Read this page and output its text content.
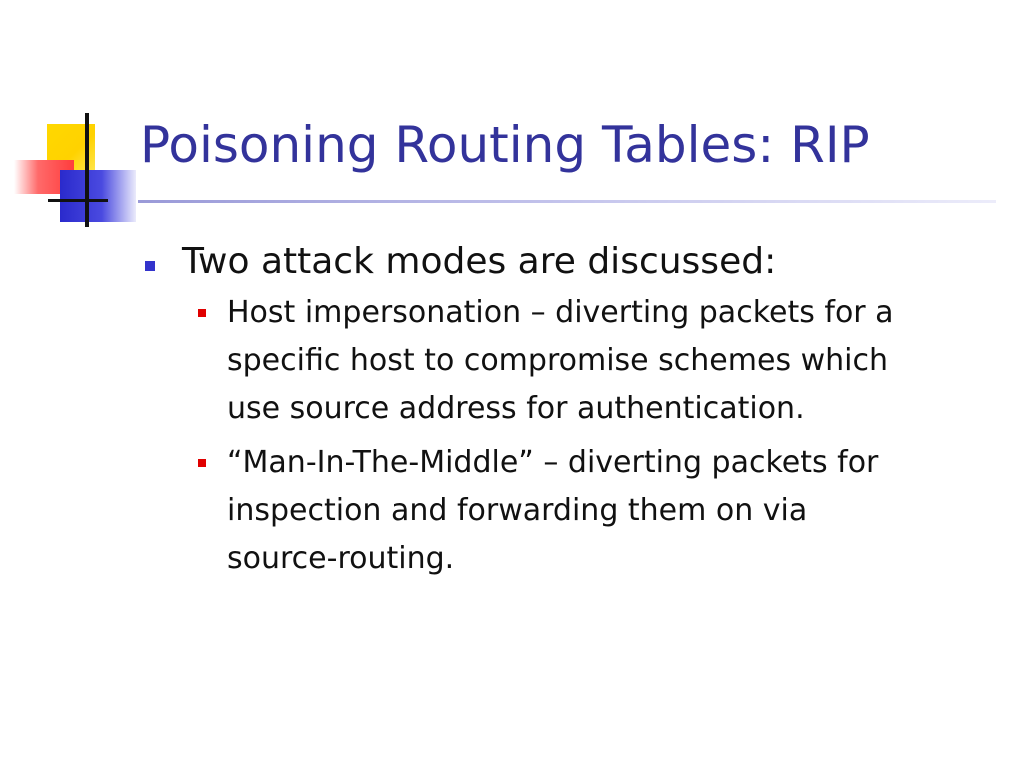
Poisoning Routing Tables: RIP
Two attack modes are discussed:
Host impersonation – diverting packets for a specific host to compromise schemes which use source address for authentication.
“Man-In-The-Middle” – diverting packets for inspection and forwarding them on via source-routing.
